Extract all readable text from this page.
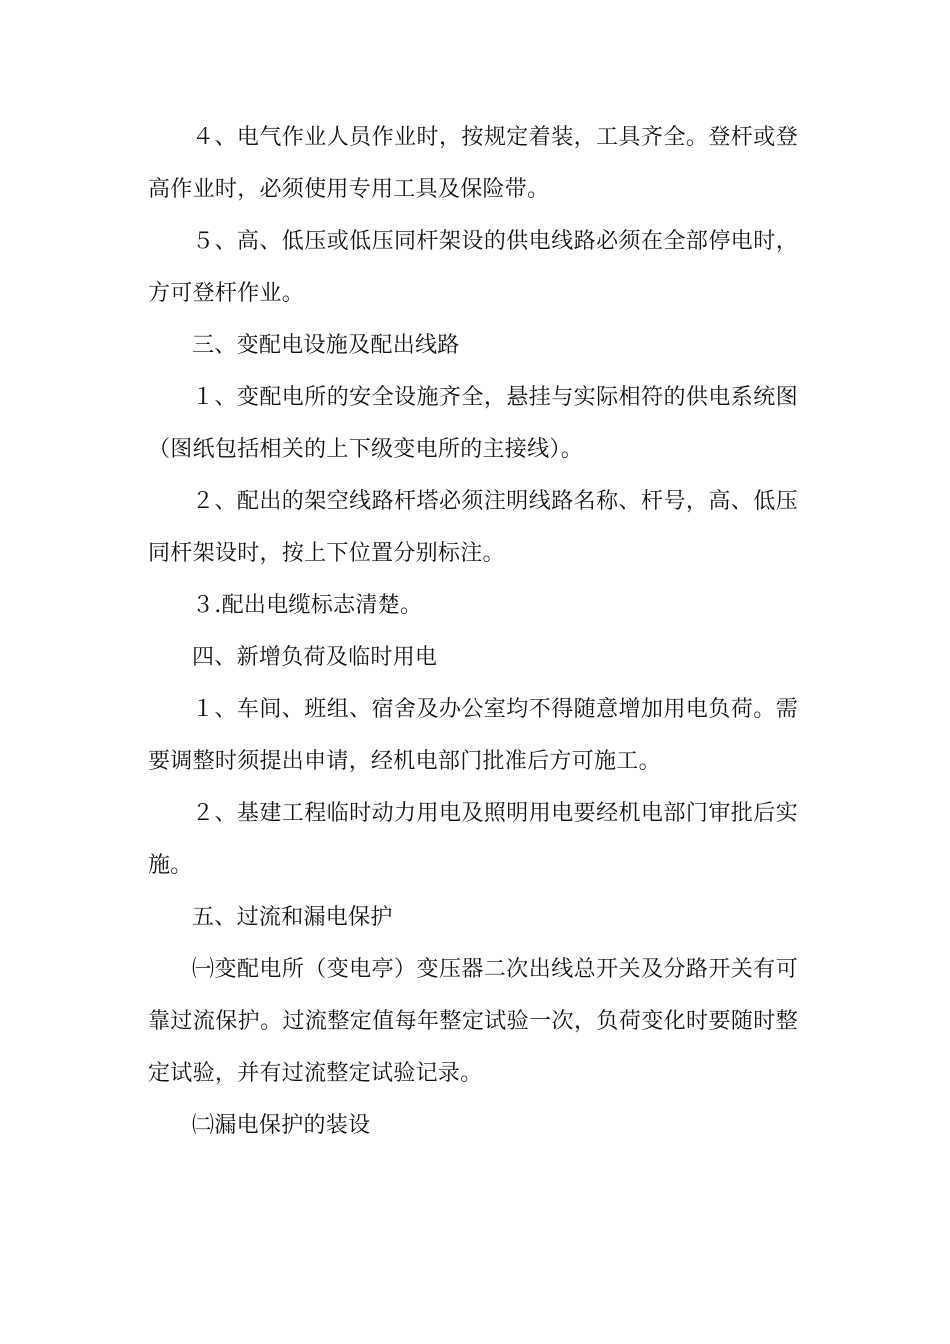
４、电气作业人员作业时，按规定着装，工具齐全。登杆或登高作业时，必须使用专用工具及保险带。

５、高、低压或低压同杆架设的供电线路必须在全部停电时，方可登杆作业。

三、变配电设施及配出线路

１、变配电所的安全设施齐全，悬挂与实际相符的供电系统图（图纸包括相关的上下级变电所的主接线）。

２、配出的架空线路杆塔必须注明线路名称、杆号，高、低压同杆架设时，按上下位置分别标注。

３.配出电缆标志清楚。

四、新增负荷及临时用电

１、车间、班组、宿舍及办公室均不得随意增加用电负荷。需要调整时须提出申请，经机电部门批准后方可施工。

２、基建工程临时动力用电及照明用电要经机电部门审批后实施。

五、过流和漏电保护

㈠变配电所（变电亭）变压器二次出线总开关及分路开关有可靠过流保护。过流整定值每年整定试验一次，负荷变化时要随时整定试验，并有过流整定试验记录。

㈡漏电保护的装设
